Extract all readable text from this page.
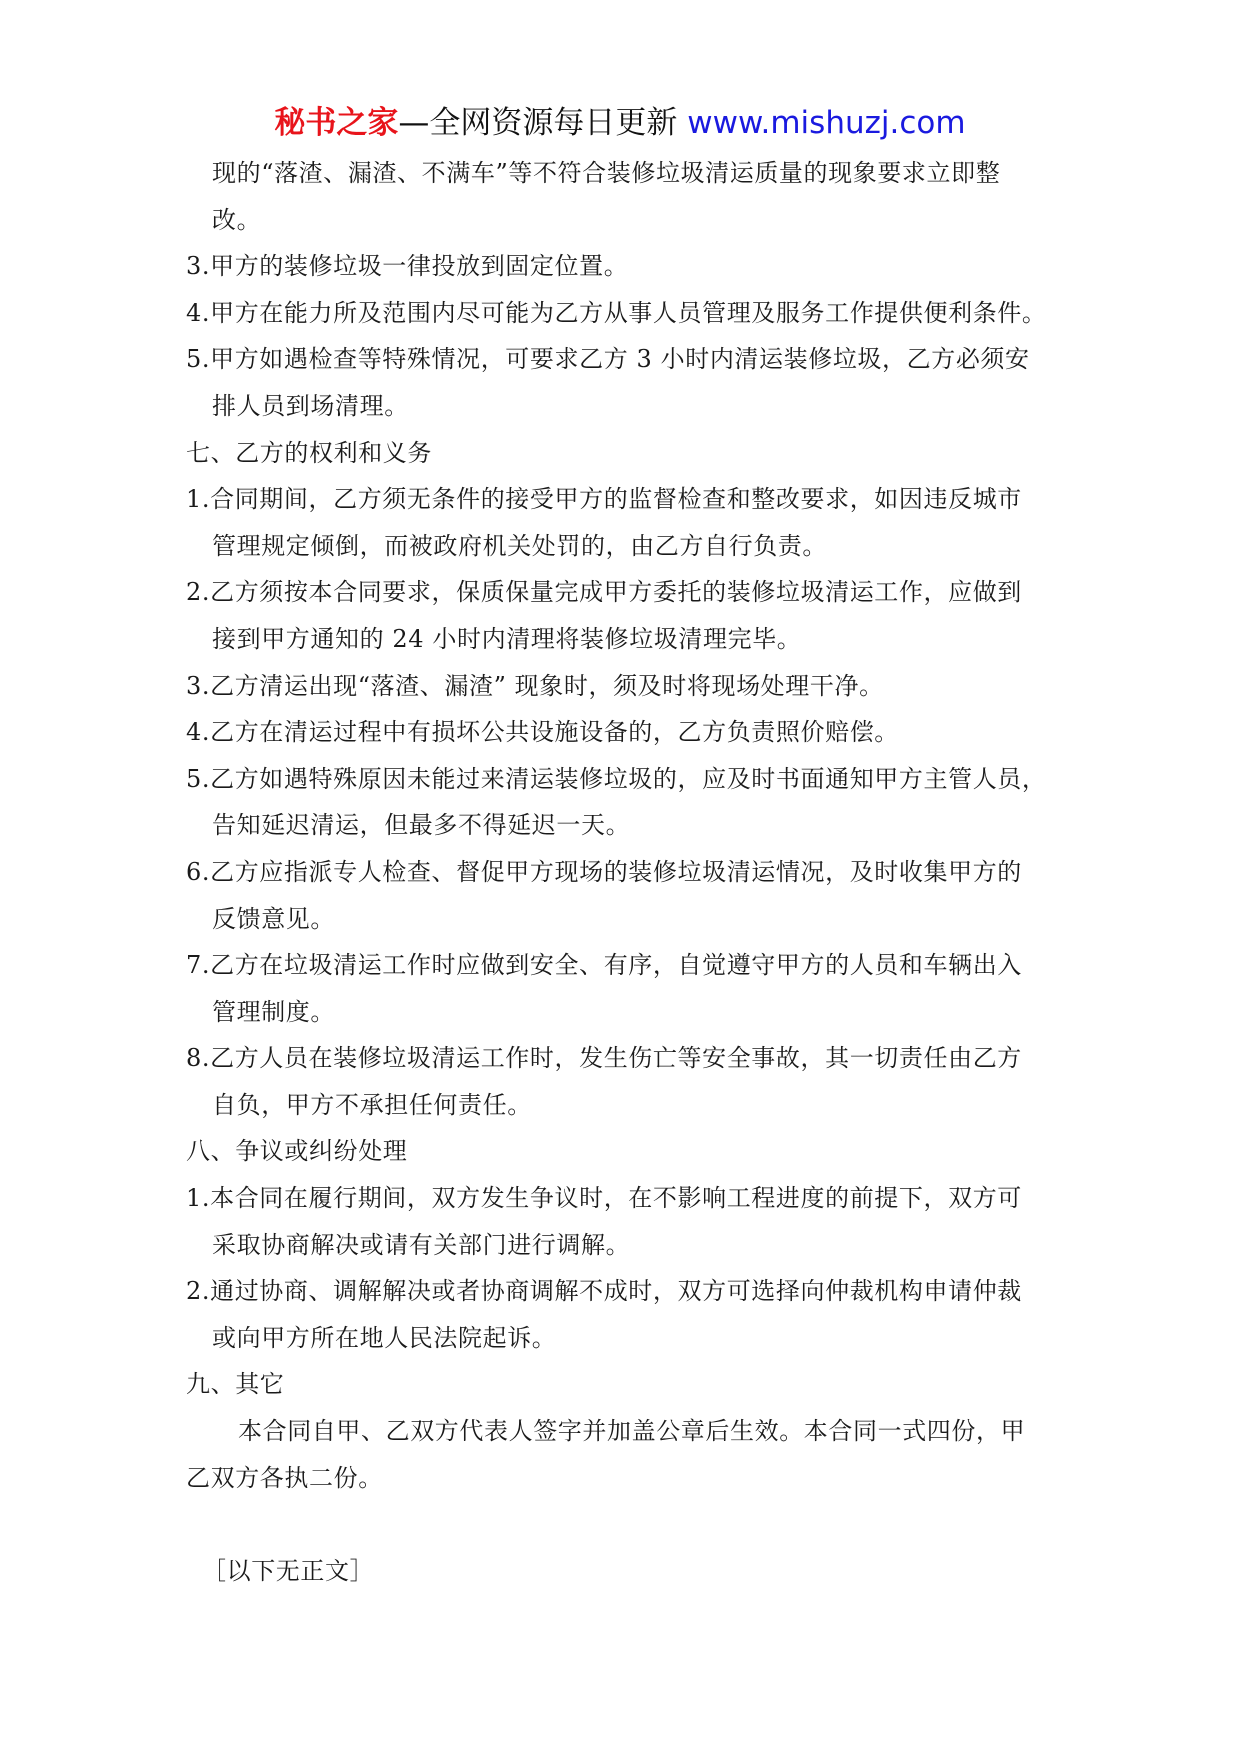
秘书之家—全网资源每日更新 www.mishuzj.com
现的“落渣、漏渣、不满车”等不符合装修垃圾清运质量的现象要求立即整
改。
3.甲方的装修垃圾一律投放到固定位置。
4.甲方在能力所及范围内尽可能为乙方从事人员管理及服务工作提供便利条件。
5.甲方如遇检查等特殊情况，可要求乙方 3 小时内清运装修垃圾，乙方必须安
排人员到场清理。
七、乙方的权利和义务
1.合同期间，乙方须无条件的接受甲方的监督检查和整改要求，如因违反城市
管理规定倾倒，而被政府机关处罚的，由乙方自行负责。
2.乙方须按本合同要求，保质保量完成甲方委托的装修垃圾清运工作，应做到
接到甲方通知的 24 小时内清理将装修垃圾清理完毕。
3.乙方清运出现“落渣、漏渣” 现象时，须及时将现场处理干净。
4.乙方在清运过程中有损坏公共设施设备的，乙方负责照价赔偿。
5.乙方如遇特殊原因未能过来清运装修垃圾的，应及时书面通知甲方主管人员，
告知延迟清运，但最多不得延迟一天。
6.乙方应指派专人检查、督促甲方现场的装修垃圾清运情况，及时收集甲方的
反馈意见。
7.乙方在垃圾清运工作时应做到安全、有序，自觉遵守甲方的人员和车辆出入
管理制度。
8.乙方人员在装修垃圾清运工作时，发生伤亡等安全事故，其一切责任由乙方
自负，甲方不承担任何责任。
八、争议或纠纷处理
1.本合同在履行期间，双方发生争议时，在不影响工程进度的前提下，双方可
采取协商解决或请有关部门进行调解。
2.通过协商、调解解决或者协商调解不成时，双方可选择向仲裁机构申请仲裁
或向甲方所在地人民法院起诉。
九、其它
本合同自甲、乙双方代表人签字并加盖公章后生效。本合同一式四份，甲
乙双方各执二份。
［以下无正文］
